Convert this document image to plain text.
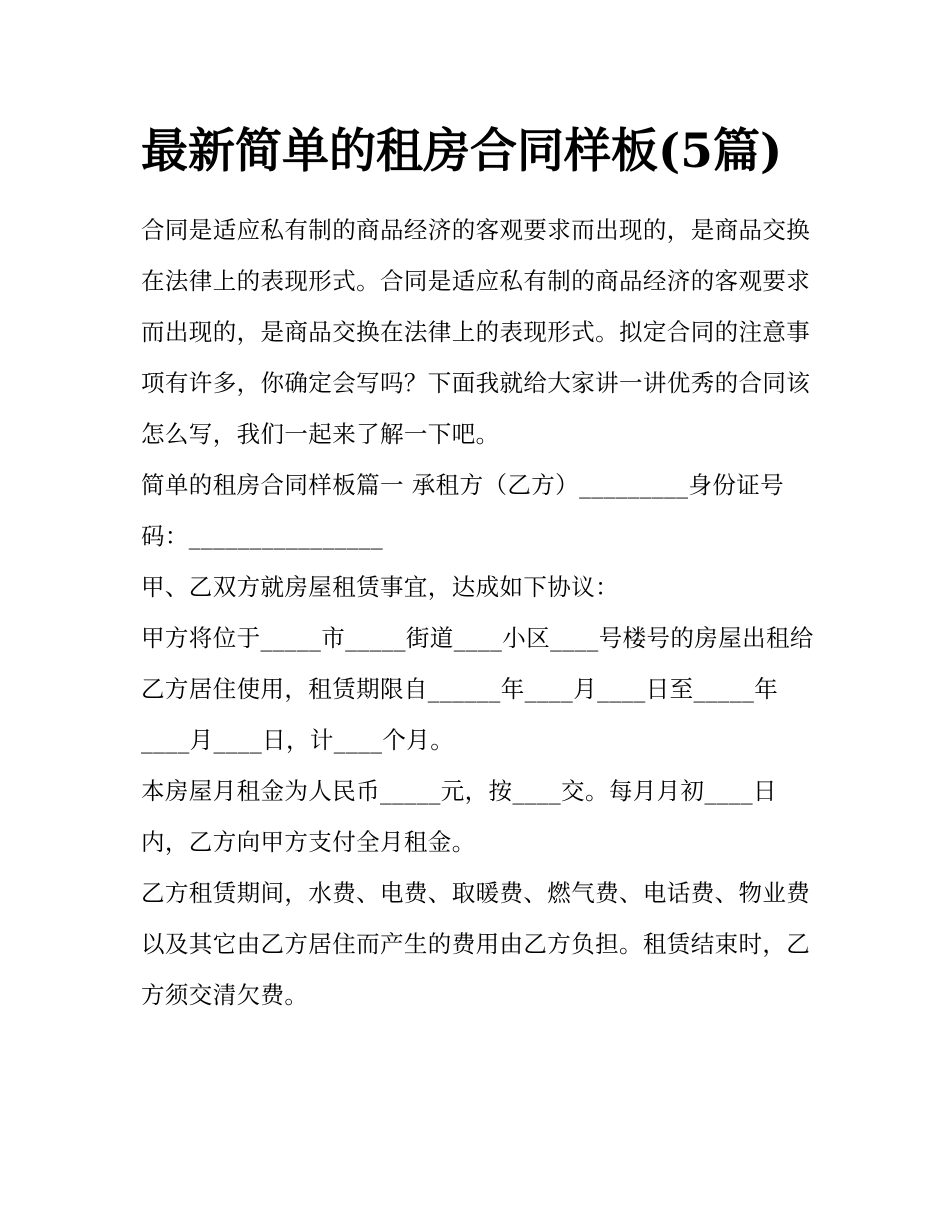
最新简单的租房合同样板(5篇)

合同是适应私有制的商品经济的客观要求而出现的，是商品交换在法律上的表现形式。合同是适应私有制的商品经济的客观要求而出现的，是商品交换在法律上的表现形式。拟定合同的注意事项有许多，你确定会写吗？下面我就给大家讲一讲优秀的合同该怎么写，我们一起来了解一下吧。

简单的租房合同样板篇一 承租方（乙方）_________身份证号码：________________

甲、乙双方就房屋租赁事宜，达成如下协议：

甲方将位于_____市_____街道____小区____号楼号的房屋出租给乙方居住使用，租赁期限自______年____月____日至_____年____月____日，计____个月。

本房屋月租金为人民币_____元，按____交。每月月初____日内，乙方向甲方支付全月租金。

乙方租赁期间，水费、电费、取暖费、燃气费、电话费、物业费以及其它由乙方居住而产生的费用由乙方负担。租赁结束时，乙方须交清欠费。
